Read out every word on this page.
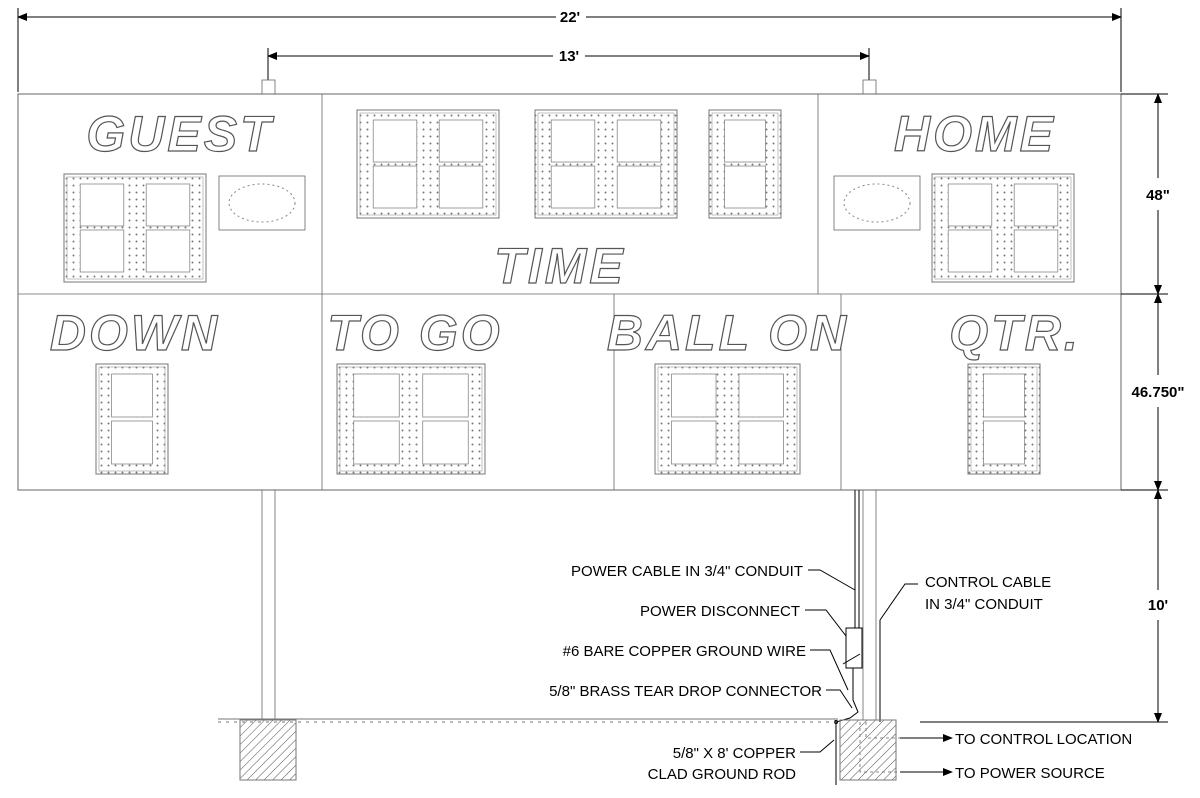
22'
13'
GUEST	HOME
TIME
DOWN TO GO BALL ON QTR.
48"
46.750"
10'
POWER CABLE IN 3/4" CONDUIT
POWER DISCONNECT
#6 BARE COPPER GROUND WIRE
5/8" BRASS TEAR DROP CONNECTOR
5/8" X 8' COPPER
CLAD GROUND ROD
CONTROL CABLE
IN 3/4" CONDUIT
TO CONTROL LOCATION
TO POWER SOURCE
